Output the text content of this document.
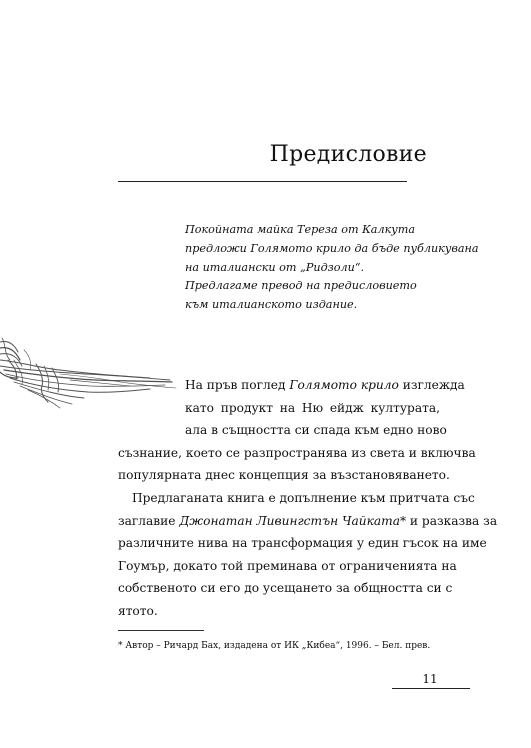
Предисловие

Покойната майка Тереза от Калкута

предложи Голямото крило да бъде публикувана

на италиански от „Ридзоли“.

Предлагаме превод на предисловието

към италианското издание.

На пръв поглед Голямото крило изглежда

като продукт на Ню ейдж културата,

ала в същността си спада към едно ново

съзнание, което се разпространява из света и включва

популярната днес концепция за възстановяването.

Предлаганата книга е допълнение към притчата със

заглавие Джонатан Ливингстън Чайката* и разказва за

различните нива на трансформация у един гъсок на име

Гоумър, докато той преминава от ограниченията на

собственото си его до усещането за общността си с

ятото.

* Автор – Ричард Бах, издадена от ИК „Кибеа“, 1996. – Бел. прев.

11
